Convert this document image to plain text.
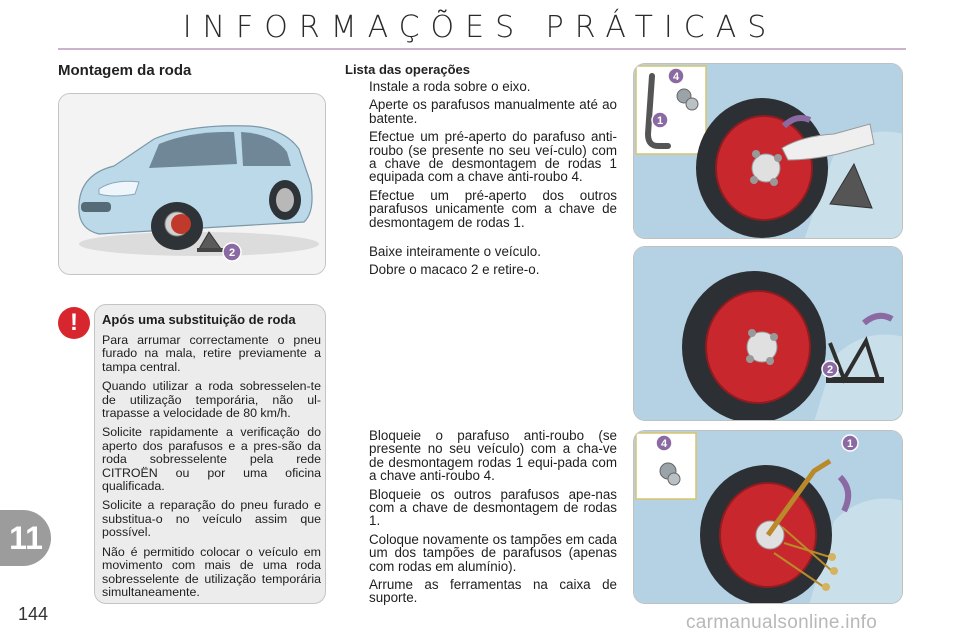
INFORMAÇÕES PRÁTICAS
Montagem da roda
2
!	Após uma substituição de roda

Para arrumar correctamente o pneu furado na mala, retire previamente a tampa central.

Quando utilizar a roda sobresselen-te de utilização temporária, não ul-trapasse a velocidade de 80 km/h.

Solicite rapidamente a verificação do aperto dos parafusos e a pres-são da roda sobresselente pela rede CITROËN ou por uma oficina qualificada.

Solicite a reparação do pneu furado e substitua-o no veículo assim que possível.

Não é permitido colocar o veículo em movimento com mais de uma roda sobresselente de utilização temporária simultaneamente.

Lista das operações
Instale a roda sobre o eixo.
Aperte os parafusos manualmente até ao batente.
Efectue um pré-aperto do parafuso anti-roubo (se presente no seu veí-culo) com a chave de desmontagem de rodas 1 equipada com a chave anti-roubo 4.
Efectue um pré-aperto dos outros parafusos unicamente com a chave de desmontagem de rodas 1.
Baixe inteiramente o veículo.
Dobre o macaco 2 e retire-o.
Bloqueie o parafuso anti-roubo (se presente no seu veículo) com a cha-ve de desmontagem rodas 1 equi-pada com a chave anti-roubo 4.
Bloqueie os outros parafusos ape-nas com a chave de desmontagem de rodas 1.
Coloque novamente os tampões em cada um dos tampões de parafusos (apenas com rodas em alumínio).
Arrume as ferramentas na caixa de suporte.
4
1
2
4	1
11
144	carmanualsonline.info
